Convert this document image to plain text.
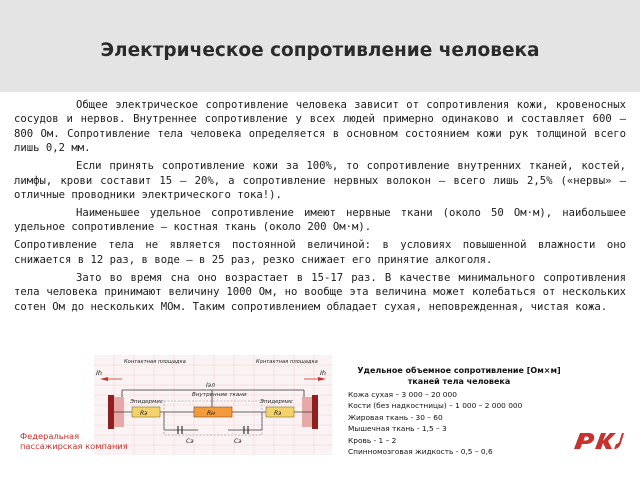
Электрическое сопротивление человека

Общее электрическое сопротивление человека зависит от сопротивления кожи, кровеносных сосудов и нервов. Внутреннее сопротивление у всех людей примерно одинаково и составляет 600 – 800 Ом. Сопротивление тела человека определяется в основном состоянием кожи рук толщиной всего лишь 0,2 мм.

Если принять сопротивление кожи за 100%, то сопротивление внутренних тканей, костей, лимфы, крови составит 15 – 20%, а сопротивление нервных волокон – всего лишь 2,5% («нервы» – отличные проводники электрического тока!).

Наименьшее удельное сопротивление имеют нервные ткани (около 50 Ом·м), наибольшее удельное сопротивление — костная ткань (около 200 Ом·м).

Сопротивление тела не является постоянной величиной: в условиях повышенной влажности оно снижается в 12 раз, в воде – в 25 раз, резко снижает его принятие алкоголя.

Зато во время сна оно возрастает в 15-17 раз. В качестве минимального сопротивления тела человека принимают величину 1000 Ом, но вообще эта величина может колебаться от нескольких сотен Ом до нескольких МОм. Таким сопротивлением обладает сухая, неповрежденная, чистая кожа.

Контактная площадка	Контактная площадка
Ih	Ih
Iэл
Внутренние ткани
Эпидермис	Эпидермис
Rэ	Rн	Rэ
Сэ	Сэ
Удельное объемное сопротивление [Ом×м]
тканей тела человека
Кожа сухая – 3 000 – 20 000
Кости (без надкостницы) – 1 000 – 2 000 000
Жировая ткань - 30 – 60
Мышечная ткань - 1,5 – 3
Кровь - 1 – 2
Спинномозговая жидкость - 0,5 – 0,6
Федеральная
пассажирская компания
